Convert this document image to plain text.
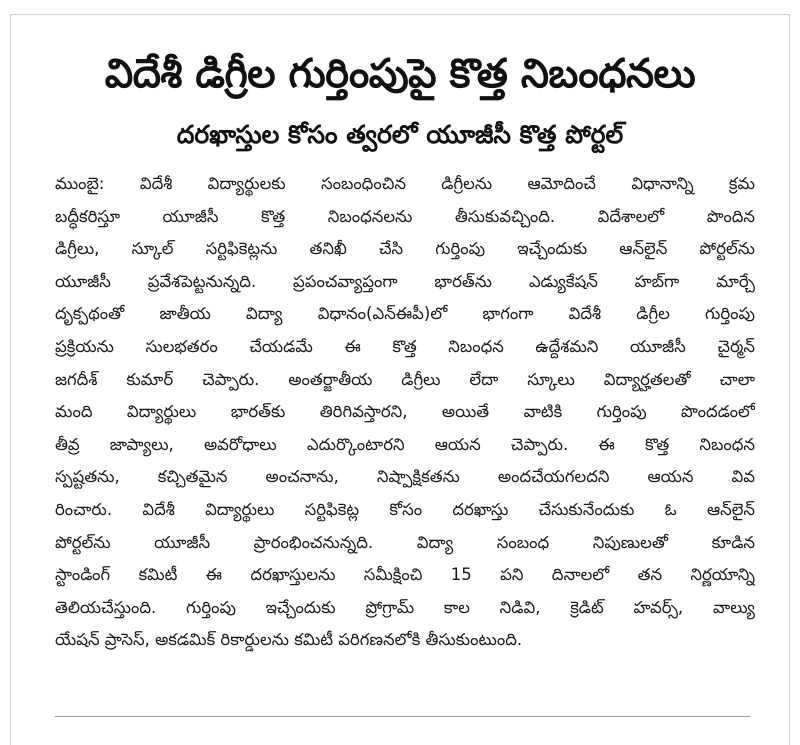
విదేశీ డిగ్రీల గుర్తింపుపై కొత్త నిబంధనలు
దరఖాస్తుల కోసం త్వరలో యూజీసీ కొత్త పోర్టల్
ముంబై: విదేశీ విద్యార్థులకు సంబంధించిన డిగ్రీలను ఆమోదించే విధానాన్ని క్రమ
బద్ధీకరిస్తూ యూజీసీ కొత్త నిబంధనలను తీసుకువచ్చింది. విదేశాలలో పొందిన
డిగ్రీలు, స్కూల్ సర్టిఫికెట్లను తనిఖీ చేసి గుర్తింపు ఇచ్చేందుకు ఆన్‌లైన్ పోర్టల్‌ను
యూజీసీ ప్రవేశపెట్టనున్నది. ప్రపంచవ్యాప్తంగా భారత్‌ను ఎడ్యుకేషన్ హబ్‌గా మార్చే
దృక్పథంతో జాతీయ విద్యా విధానం(ఎన్ఈపీ)లో భాగంగా విదేశీ డిగ్రీల గుర్తింపు
ప్రక్రియను సులభతరం చేయడమే ఈ కొత్త నిబంధన ఉద్దేశమని యూజీసీ చైర్మన్
జగదీశ్ కుమార్ చెప్పారు. అంతర్జాతీయ డిగ్రీలు లేదా స్కూలు విద్యార్హతలతో చాలా
మంది విద్యార్థులు భారత్‌కు తిరిగివస్తారని, అయితే వాటికి గుర్తింపు పొందడంలో
తీవ్ర జాప్యాలు, అవరోధాలు ఎదుర్కొంటారని ఆయన చెప్పారు. ఈ కొత్త నిబంధన
స్పష్టతను, కచ్చితమైన అంచనాను, నిష్పాక్షికతను అందచేయగలదని ఆయన వివ
రించారు. విదేశీ విద్యార్థులు సర్టిఫికెట్ల కోసం దరఖాస్తు చేసుకునేందుకు ఓ ఆన్‌లైన్
పోర్టల్‌ను యూజీసీ ప్రారంభించనున్నది. విద్యా సంబంధ నిపుణులతో కూడిన
స్టాండింగ్ కమిటీ ఈ దరఖాస్తులను సమీక్షించి 15 పని దినాలలో తన నిర్ణయాన్ని
తెలియచేస్తుంది. గుర్తింపు ఇచ్చేందుకు ప్రోగ్రామ్ కాల నిడివి, క్రెడిట్ హవర్స్, వాల్యు
యేషన్ ప్రాసెస్, అకడమిక్ రికార్డులను కమిటీ పరిగణనలోకి తీసుకుంటుంది.
